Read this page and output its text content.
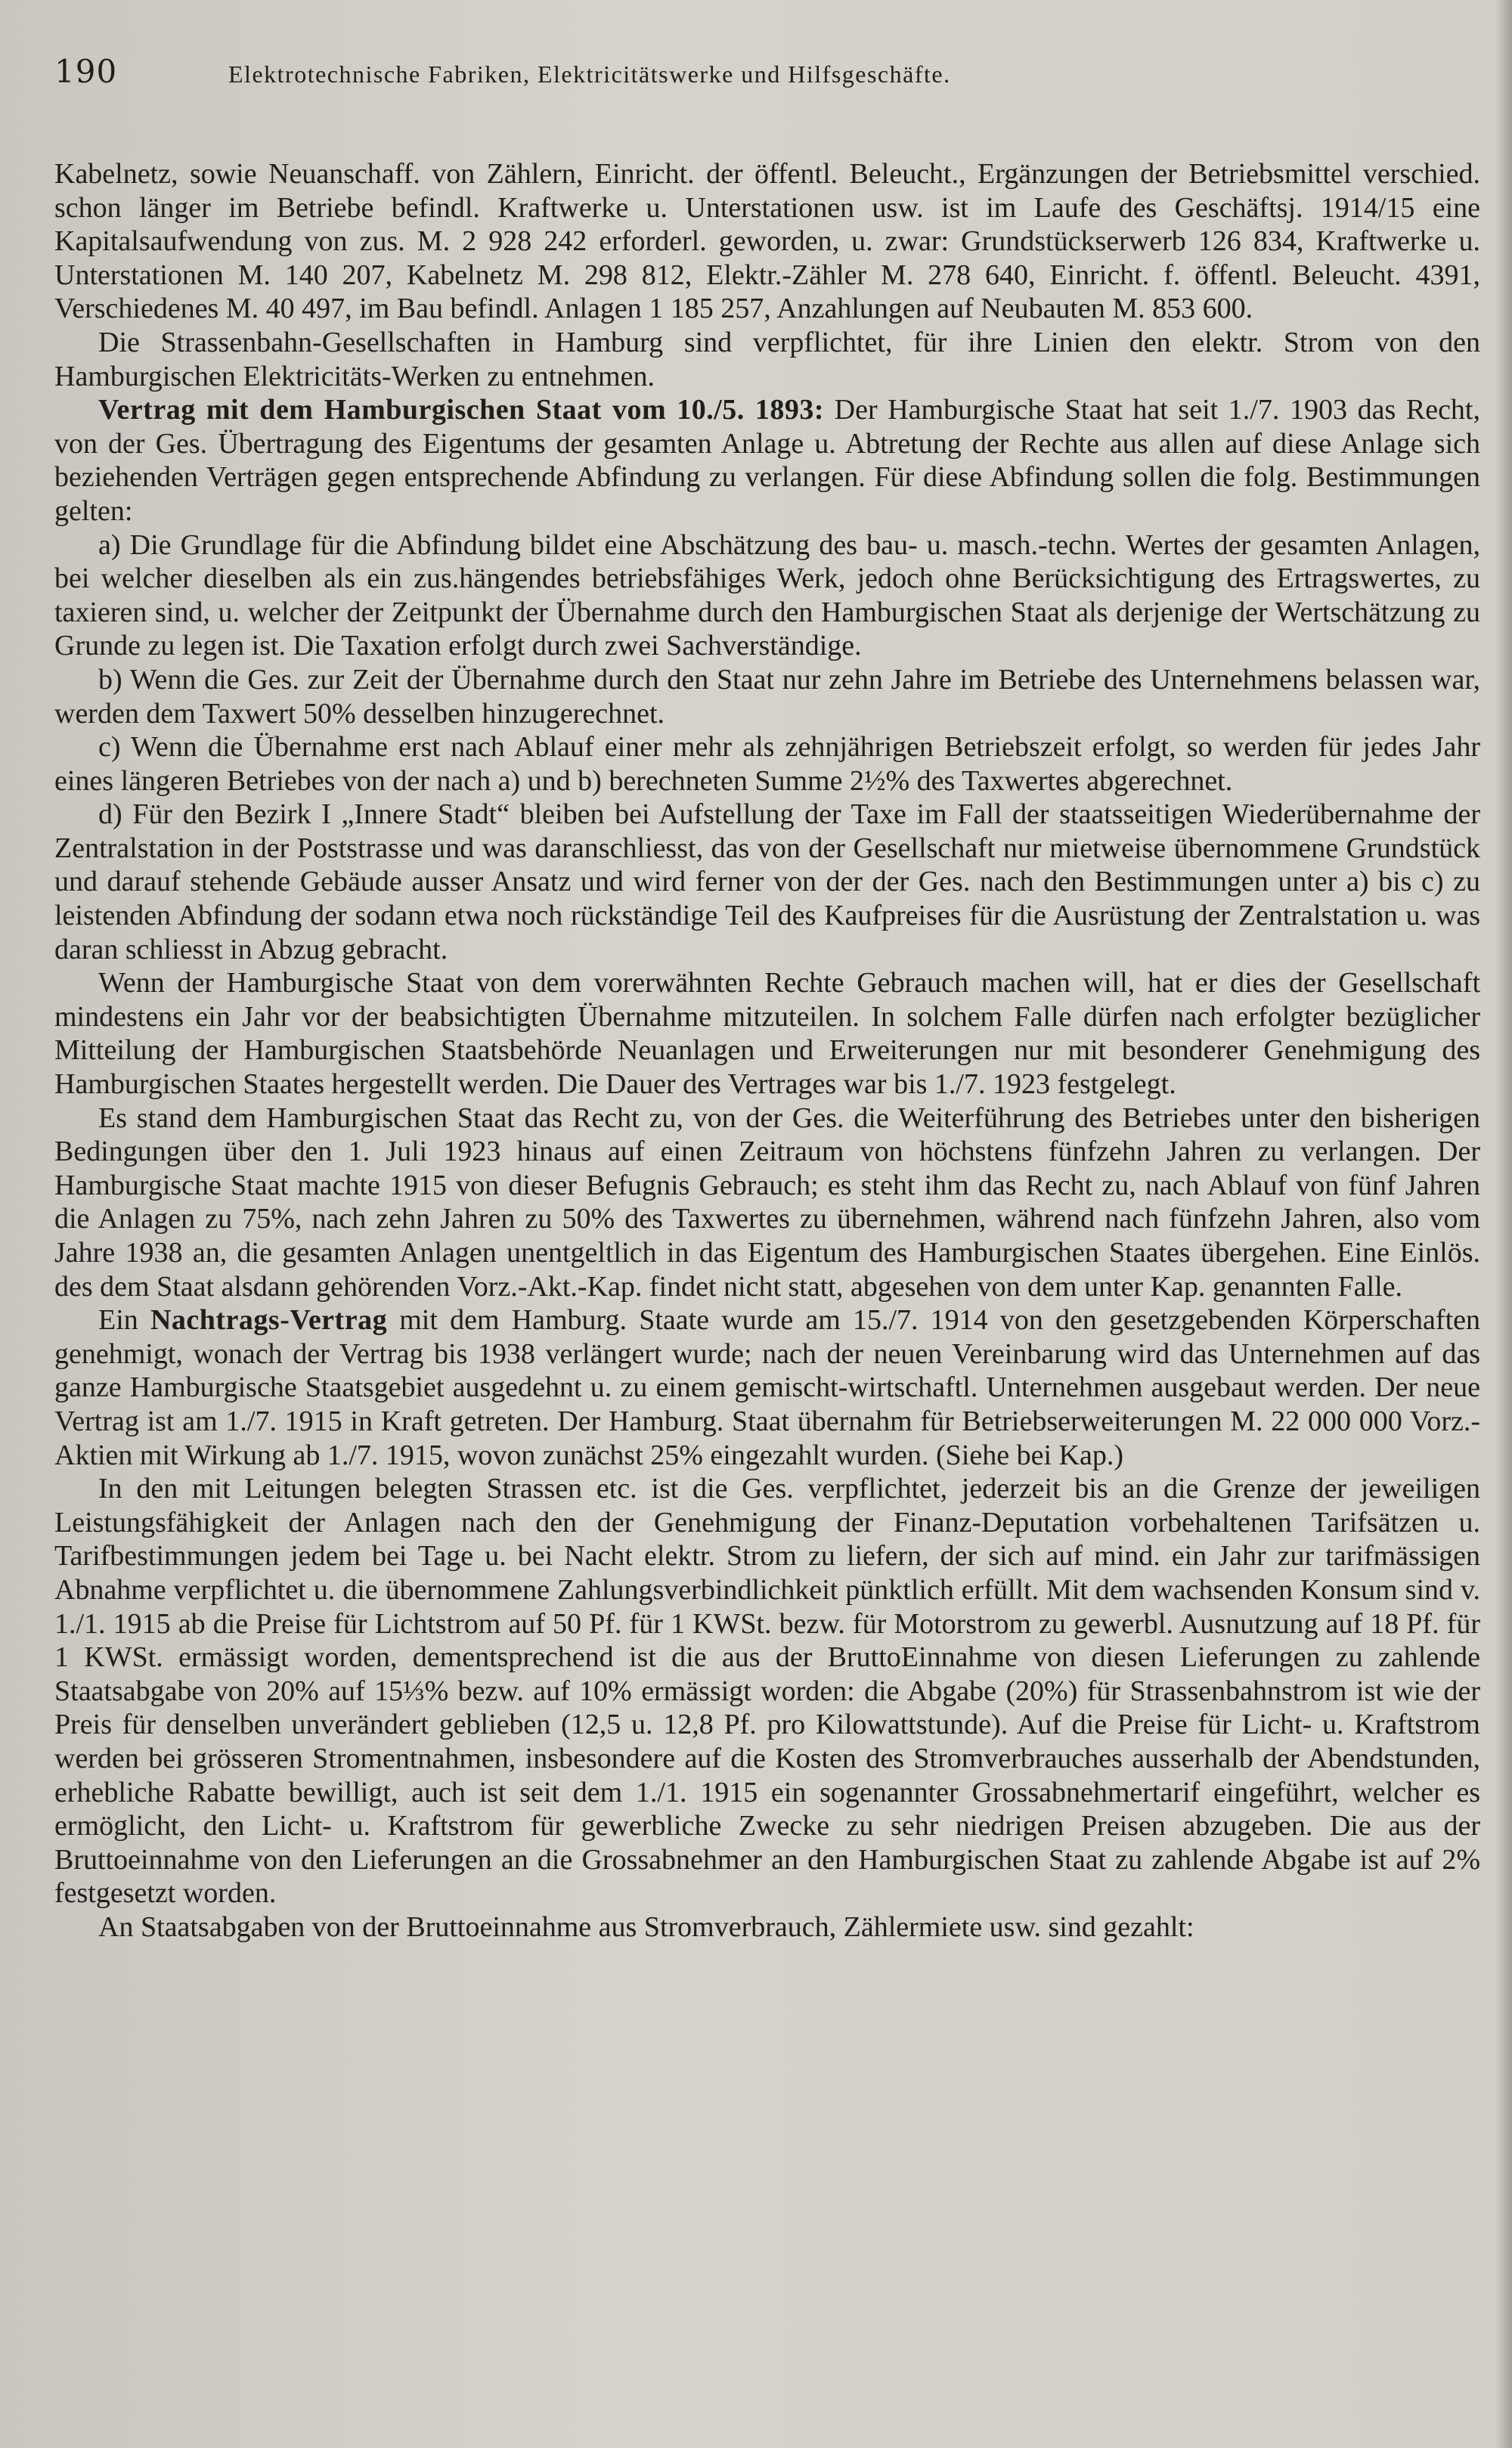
190	Elektrotechnische Fabriken, Elektricitätswerke und Hilfsgeschäfte.

Kabelnetz, sowie Neuanschaff. von Zählern, Einricht. der öffentl. Beleucht., Ergänzungen der Betriebsmittel verschied. schon länger im Betriebe befindl. Kraftwerke u. Unterstationen usw. ist im Laufe des Geschäftsj. 1914/15 eine Kapitalsaufwendung von zus. M. 2 928 242 erforderl. geworden, u. zwar: Grundstückserwerb 126 834, Kraftwerke u. Unterstationen M. 140 207, Kabelnetz M. 298 812, Elektr.-Zähler M. 278 640, Einricht. f. öffentl. Beleucht. 4391, Verschiedenes M. 40 497, im Bau befindl. Anlagen 1 185 257, Anzahlungen auf Neubauten M. 853 600.

Die Strassenbahn-Gesellschaften in Hamburg sind verpflichtet, für ihre Linien den elektr. Strom von den Hamburgischen Elektricitäts-Werken zu entnehmen.

Vertrag mit dem Hamburgischen Staat vom 10./5. 1893: Der Hamburgische Staat hat seit 1./7. 1903 das Recht, von der Ges. Übertragung des Eigentums der gesamten Anlage u. Abtretung der Rechte aus allen auf diese Anlage sich beziehenden Verträgen gegen entsprechende Abfindung zu verlangen. Für diese Abfindung sollen die folg. Bestimmungen gelten:

a) Die Grundlage für die Abfindung bildet eine Abschätzung des bau- u. masch.-techn. Wertes der gesamten Anlagen, bei welcher dieselben als ein zus.hängendes betriebsfähiges Werk, jedoch ohne Berücksichtigung des Ertragswertes, zu taxieren sind, u. welcher der Zeitpunkt der Übernahme durch den Hamburgischen Staat als derjenige der Wertschätzung zu Grunde zu legen ist. Die Taxation erfolgt durch zwei Sachverständige.

b) Wenn die Ges. zur Zeit der Übernahme durch den Staat nur zehn Jahre im Betriebe des Unternehmens belassen war, werden dem Taxwert 50% desselben hinzugerechnet.

c) Wenn die Übernahme erst nach Ablauf einer mehr als zehnjährigen Betriebszeit erfolgt, so werden für jedes Jahr eines längeren Betriebes von der nach a) und b) berechneten Summe 2½% des Taxwertes abgerechnet.

d) Für den Bezirk I „Innere Stadt“ bleiben bei Aufstellung der Taxe im Fall der staatsseitigen Wiederübernahme der Zentralstation in der Poststrasse und was daranschliesst, das von der Gesellschaft nur mietweise übernommene Grundstück und darauf stehende Gebäude ausser Ansatz und wird ferner von der der Ges. nach den Bestimmungen unter a) bis c) zu leistenden Abfindung der sodann etwa noch rückständige Teil des Kaufpreises für die Ausrüstung der Zentralstation u. was daran schliesst in Abzug gebracht.

Wenn der Hamburgische Staat von dem vorerwähnten Rechte Gebrauch machen will, hat er dies der Gesellschaft mindestens ein Jahr vor der beabsichtigten Übernahme mitzuteilen. In solchem Falle dürfen nach erfolgter bezüglicher Mitteilung der Hamburgischen Staatsbehörde Neuanlagen und Erweiterungen nur mit besonderer Genehmigung des Hamburgischen Staates hergestellt werden. Die Dauer des Vertrages war bis 1./7. 1923 festgelegt.

Es stand dem Hamburgischen Staat das Recht zu, von der Ges. die Weiterführung des Betriebes unter den bisherigen Bedingungen über den 1. Juli 1923 hinaus auf einen Zeitraum von höchstens fünfzehn Jahren zu verlangen. Der Hamburgische Staat machte 1915 von dieser Befugnis Gebrauch; es steht ihm das Recht zu, nach Ablauf von fünf Jahren die Anlagen zu 75%, nach zehn Jahren zu 50% des Taxwertes zu übernehmen, während nach fünfzehn Jahren, also vom Jahre 1938 an, die gesamten Anlagen unentgeltlich in das Eigentum des Hamburgischen Staates übergehen. Eine Einlös. des dem Staat alsdann gehörenden Vorz.-Akt.-Kap. findet nicht statt, abgesehen von dem unter Kap. genannten Falle.

Ein Nachtrags-Vertrag mit dem Hamburg. Staate wurde am 15./7. 1914 von den gesetzgebenden Körperschaften genehmigt, wonach der Vertrag bis 1938 verlängert wurde; nach der neuen Vereinbarung wird das Unternehmen auf das ganze Hamburgische Staatsgebiet ausgedehnt u. zu einem gemischt-wirtschaftl. Unternehmen ausgebaut werden. Der neue Vertrag ist am 1./7. 1915 in Kraft getreten. Der Hamburg. Staat übernahm für Betriebserweiterungen M. 22 000 000 Vorz.-Aktien mit Wirkung ab 1./7. 1915, wovon zunächst 25% eingezahlt wurden. (Siehe bei Kap.)

In den mit Leitungen belegten Strassen etc. ist die Ges. verpflichtet, jederzeit bis an die Grenze der jeweiligen Leistungsfähigkeit der Anlagen nach den der Genehmigung der Finanz-Deputation vorbehaltenen Tarifsätzen u. Tarifbestimmungen jedem bei Tage u. bei Nacht elektr. Strom zu liefern, der sich auf mind. ein Jahr zur tarifmässigen Abnahme verpflichtet u. die übernommene Zahlungsverbindlichkeit pünktlich erfüllt. Mit dem wachsenden Konsum sind v. 1./1. 1915 ab die Preise für Lichtstrom auf 50 Pf. für 1 KWSt. bezw. für Motorstrom zu gewerbl. Ausnutzung auf 18 Pf. für 1 KWSt. ermässigt worden, dementsprechend ist die aus der BruttoEinnahme von diesen Lieferungen zu zahlende Staatsabgabe von 20% auf 15⅓% bezw. auf 10% ermässigt worden: die Abgabe (20%) für Strassenbahnstrom ist wie der Preis für denselben unverändert geblieben (12,5 u. 12,8 Pf. pro Kilowattstunde). Auf die Preise für Licht- u. Kraftstrom werden bei grösseren Stromentnahmen, insbesondere auf die Kosten des Stromverbrauches ausserhalb der Abendstunden, erhebliche Rabatte bewilligt, auch ist seit dem 1./1. 1915 ein sogenannter Grossabnehmertarif eingeführt, welcher es ermöglicht, den Licht- u. Kraftstrom für gewerbliche Zwecke zu sehr niedrigen Preisen abzugeben. Die aus der Bruttoeinnahme von den Lieferungen an die Grossabnehmer an den Hamburgischen Staat zu zahlende Abgabe ist auf 2% festgesetzt worden.

An Staatsabgaben von der Bruttoeinnahme aus Stromverbrauch, Zählermiete usw. sind gezahlt:
